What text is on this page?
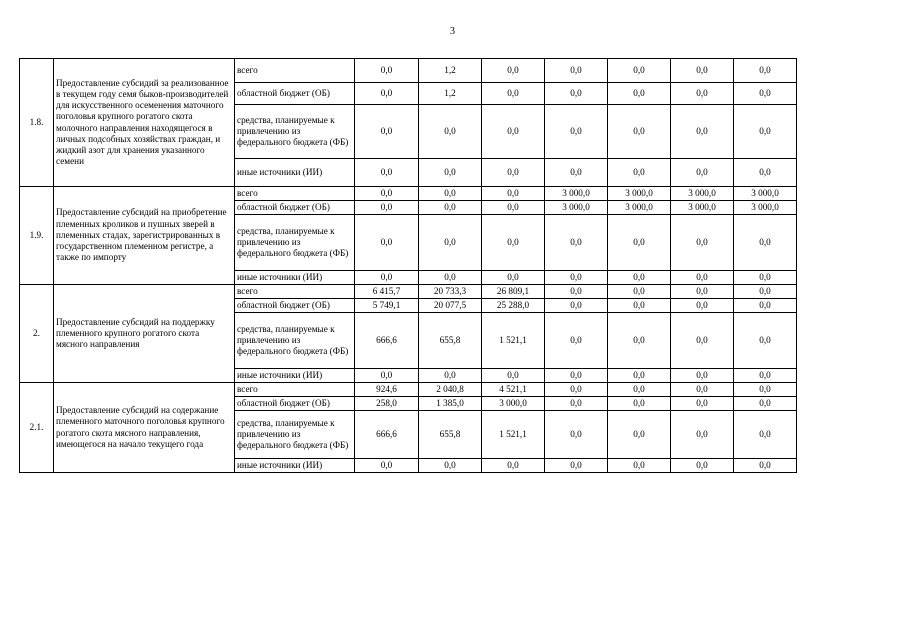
3
1.8.	Предоставление субсидий за реализованное в текущем году семя быков-производителей для искусственного осеменения маточного поголовья крупного рогатого скота молочного направления находящегося в личных подсобных хозяйствах граждан, и жидкий азот для хранения указанного семени	всего	0,0	1,2	0,0	0,0	0,0	0,0	0,0
		областной бюджет (ОБ)	0,0	1,2	0,0	0,0	0,0	0,0	0,0
		средства, планируемые к привлечению из федерального бюджета (ФБ)	0,0	0,0	0,0	0,0	0,0	0,0	0,0
		иные источники (ИИ)	0,0	0,0	0,0	0,0	0,0	0,0	0,0
1.9.	Предоставление субсидий на приобретение племенных кроликов и пушных зверей в племенных стадах, зарегистрированных в государственном племенном регистре, а также по импорту	всего	0,0	0,0	0,0	3 000,0	3 000,0	3 000,0	3 000,0
		областной бюджет (ОБ)	0,0	0,0	0,0	3 000,0	3 000,0	3 000,0	3 000,0
		средства, планируемые к привлечению из федерального бюджета (ФБ)	0,0	0,0	0,0	0,0	0,0	0,0	0,0
		иные источники (ИИ)	0,0	0,0	0,0	0,0	0,0	0,0	0,0
2.	Предоставление субсидий на поддержку племенного крупного рогатого скота мясного направления	всего	6 415,7	20 733,3	26 809,1	0,0	0,0	0,0	0,0
		областной бюджет (ОБ)	5 749,1	20 077,5	25 288,0	0,0	0,0	0,0	0,0
		средства, планируемые к привлечению из федерального бюджета (ФБ)	666,6	655,8	1 521,1	0,0	0,0	0,0	0,0
		иные источники (ИИ)	0,0	0,0	0,0	0,0	0,0	0,0	0,0
2.1.	Предоставление субсидий на содержание племенного маточного поголовья крупного рогатого скота мясного направления, имеющегося на начало текущего года	всего	924,6	2 040,8	4 521,1	0,0	0,0	0,0	0,0
		областной бюджет (ОБ)	258,0	1 385,0	3 000,0	0,0	0,0	0,0	0,0
		средства, планируемые к привлечению из федерального бюджета (ФБ)	666,6	655,8	1 521,1	0,0	0,0	0,0	0,0
		иные источники (ИИ)	0,0	0,0	0,0	0,0	0,0	0,0	0,0
